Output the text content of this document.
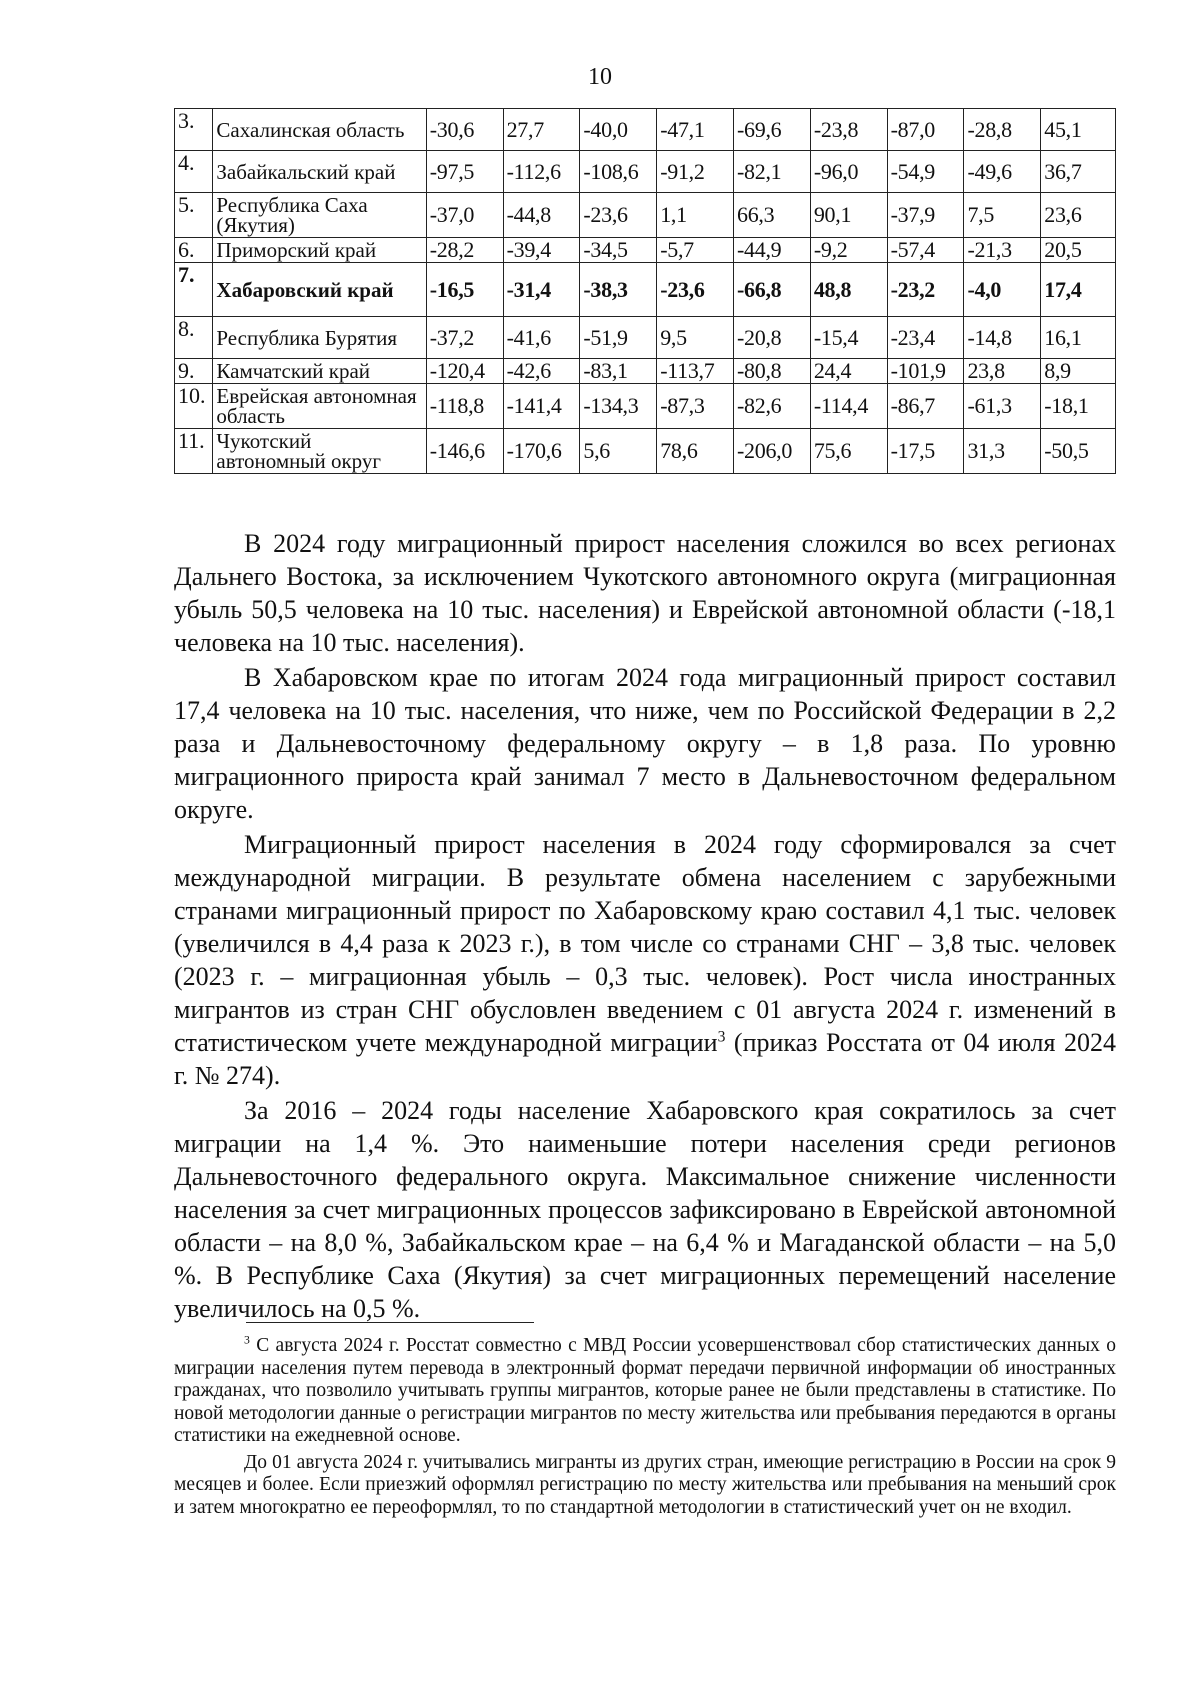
10
3.	Сахалинская область	-30,6	27,7	-40,0	-47,1	-69,6	-23,8	-87,0	-28,8	45,1
4.	Забайкальский край	-97,5	-112,6	-108,6	-91,2	-82,1	-96,0	-54,9	-49,6	36,7
5.	Республика Саха (Якутия)	-37,0	-44,8	-23,6	1,1	66,3	90,1	-37,9	7,5	23,6
6.	Приморский край	-28,2	-39,4	-34,5	-5,7	-44,9	-9,2	-57,4	-21,3	20,5
7.	Хабаровский край	-16,5	-31,4	-38,3	-23,6	-66,8	48,8	-23,2	-4,0	17,4
8.	Республика Бурятия	-37,2	-41,6	-51,9	9,5	-20,8	-15,4	-23,4	-14,8	16,1
9.	Камчатский край	-120,4	-42,6	-83,1	-113,7	-80,8	24,4	-101,9	23,8	8,9
10.	Еврейская автономная область	-118,8	-141,4	-134,3	-87,3	-82,6	-114,4	-86,7	-61,3	-18,1
11.	Чукотский автономный округ	-146,6	-170,6	5,6	78,6	-206,0	75,6	-17,5	31,3	-50,5

В 2024 году миграционный прирост населения сложился во всех регионах Дальнего Востока, за исключением Чукотского автономного округа (миграционная убыль 50,5 человека на 10 тыс. населения) и Еврейской автономной области (-18,1 человека на 10 тыс. населения).

В Хабаровском крае по итогам 2024 года миграционный прирост составил 17,4 человека на 10 тыс. населения, что ниже, чем по Российской Федерации в 2,2 раза и Дальневосточному федеральному округу – в 1,8 раза. По уровню миграционного прироста край занимал 7 место в Дальневосточном федеральном округе.

Миграционный прирост населения в 2024 году сформировался за счет международной миграции. В результате обмена населением с зарубежными странами миграционный прирост по Хабаровскому краю составил 4,1 тыс. человек (увеличился в 4,4 раза к 2023 г.), в том числе со странами СНГ – 3,8 тыс. человек (2023 г. – миграционная убыль – 0,3 тыс. человек). Рост числа иностранных мигрантов из стран СНГ обусловлен введением с 01 августа 2024 г. изменений в статистическом учете международной миграции$^3$ (приказ Росстата от 04 июля 2024 г. № 274).

За 2016 – 2024 годы население Хабаровского края сократилось за счет миграции на 1,4 %. Это наименьшие потери населения среди регионов Дальневосточного федерального округа. Максимальное снижение численности населения за счет миграционных процессов зафиксировано в Еврейской автономной области – на 8,0 %, Забайкальском крае – на 6,4 % и Магаданской области – на 5,0 %. В Республике Саха (Якутия) за счет миграционных перемещений население увеличилось на 0,5 %.

$^3$ С августа 2024 г. Росстат совместно с МВД России усовершенствовал сбор статистических данных о миграции населения путем перевода в электронный формат передачи первичной информации об иностранных гражданах, что позволило учитывать группы мигрантов, которые ранее не были представлены в статистике. По новой методологии данные о регистрации мигрантов по месту жительства или пребывания передаются в органы статистики на ежедневной основе.

До 01 августа 2024 г. учитывались мигранты из других стран, имеющие регистрацию в России на срок 9 месяцев и более. Если приезжий оформлял регистрацию по месту жительства или пребывания на меньший срок и затем многократно ее переоформлял, то по стандартной методологии в статистический учет он не входил.
